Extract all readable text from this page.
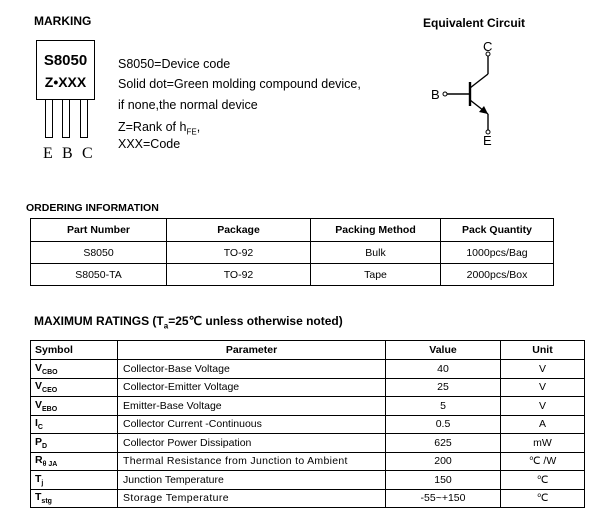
MARKING
S8050
Z•XXX
E B C
S8050=Device code
Solid dot=Green molding compound device,
if none,the normal device
Z=Rank of $h_{FE}$,
XXX=Code
Equivalent Circuit
C
B
E
ORDERING INFORMATION
Part Number	Package	Packing Method	Pack Quantity
S8050	TO-92	Bulk	1000pcs/Bag
S8050-TA	TO-92	Tape	2000pcs/Box
MAXIMUM RATINGS ($T_a=25℃$ unless otherwise noted)
Symbol	Parameter	Value	Unit
$V_{CBO}$	Collector-Base Voltage	40	V
$V_{CEO}$	Collector-Emitter Voltage	25	V
$V_{EBO}$	Emitter-Base Voltage	5	V
$I_C$	Collector Current -Continuous	0.5	A
$P_D$	Collector Power Dissipation	625	mW
$R_{\theta JA}$	Thermal Resistance from Junction to Ambient	200	℃ /W
$T_j$	Junction Temperature	150	℃
$T_{stg}$	Storage Temperature	-55~+150	℃
